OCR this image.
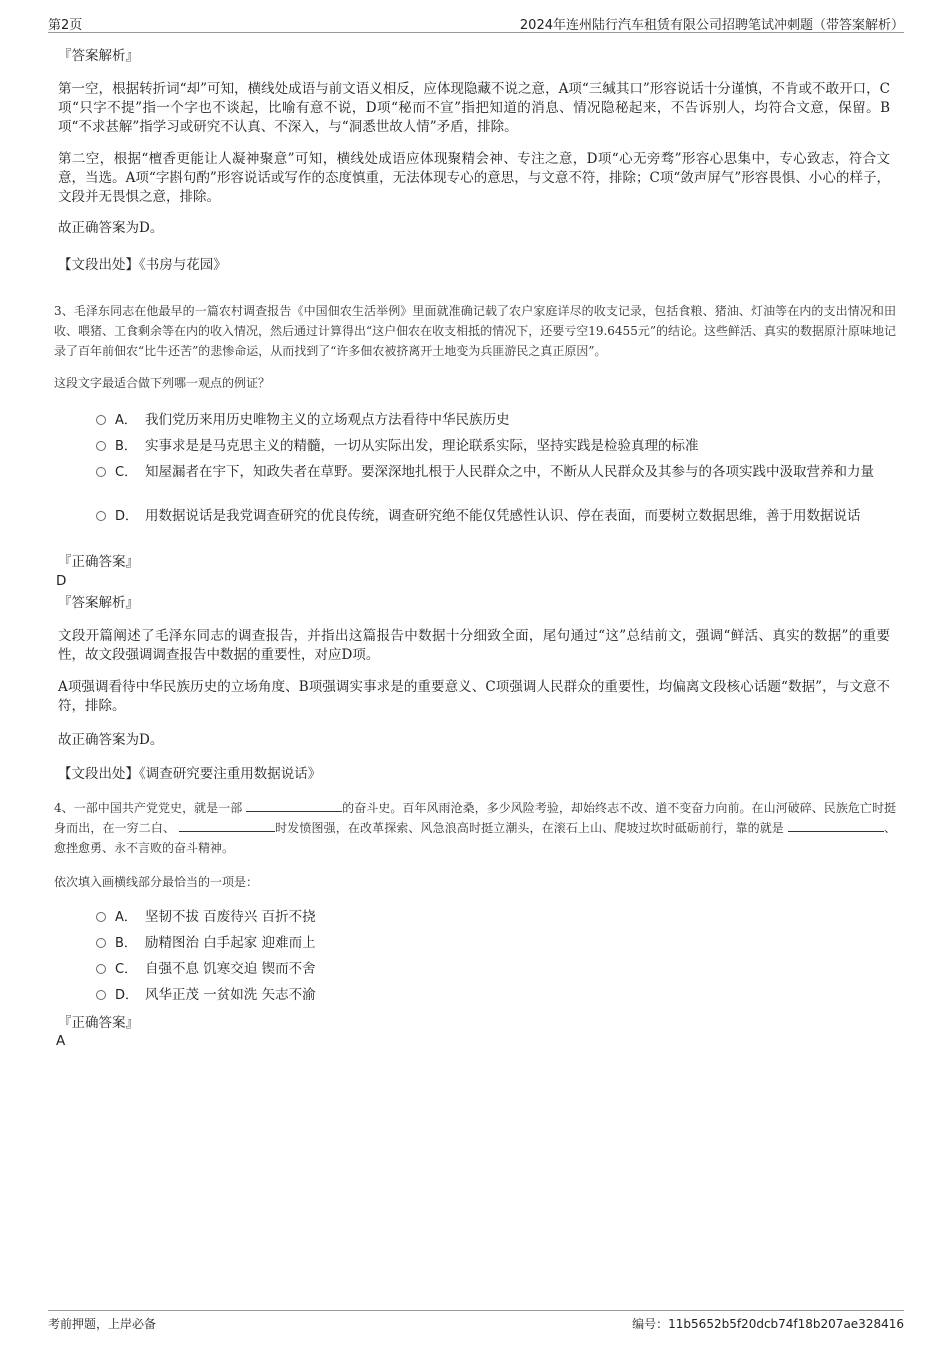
第2页	2024年连州陆行汽车租赁有限公司招聘笔试冲刺题（带答案解析）
『答案解析』
第一空，根据转折词“却”可知，横线处成语与前文语义相反，应体现隐藏不说之意，A项“三缄其口”形容说话十分谨慎，不肯或不敢开口，C项“只字不提”指一个字也不谈起，比喻有意不说，D项“秘而不宣”指把知道的消息、情况隐秘起来，不告诉别人，均符合文意，保留。B项“不求甚解”指学习或研究不认真、不深入，与“洞悉世故人情”矛盾，排除。
第二空，根据“檀香更能让人凝神聚意”可知，横线处成语应体现聚精会神、专注之意，D项“心无旁骛”形容心思集中，专心致志，符合文意，当选。A项“字斟句酌”形容说话或写作的态度慎重，无法体现专心的意思，与文意不符，排除；C项“敛声屏气”形容畏惧、小心的样子，文段并无畏惧之意，排除。
故正确答案为D。
【文段出处】《书房与花园》
3、毛泽东同志在他最早的一篇农村调查报告《中国佃农生活举例》里面就准确记载了农户家庭详尽的收支记录，包括食粮、猪油、灯油等在内的支出情况和田收、喂猪、工食剩余等在内的收入情况，然后通过计算得出“这户佃农在收支相抵的情况下，还要亏空19.6455元”的结论。这些鲜活、真实的数据原汁原味地记录了百年前佃农“比牛还苦”的悲惨命运，从而找到了“许多佃农被挤离开土地变为兵匪游民之真正原因”。
这段文字最适合做下列哪一观点的例证？
A． 我们党历来用历史唯物主义的立场观点方法看待中华民族历史
B． 实事求是是马克思主义的精髓，一切从实际出发，理论联系实际，坚持实践是检验真理的标准
C． 知屋漏者在宇下，知政失者在草野。要深深地扎根于人民群众之中，不断从人民群众及其参与的各项实践中汲取营养和力量
D． 用数据说话是我党调查研究的优良传统，调查研究绝不能仅凭感性认识、停在表面，而要树立数据思维，善于用数据说话
『正确答案』
D
『答案解析』
文段开篇阐述了毛泽东同志的调查报告，并指出这篇报告中数据十分细致全面，尾句通过“这”总结前文，强调“鲜活、真实的数据”的重要性，故文段强调调查报告中数据的重要性，对应D项。
A项强调看待中华民族历史的立场角度、B项强调实事求是的重要意义、C项强调人民群众的重要性，均偏离文段核心话题“数据”，与文意不符，排除。
故正确答案为D。
【文段出处】《调查研究要注重用数据说话》
4、一部中国共产党党史，就是一部	的奋斗史。百年风雨沧桑，多少风险考验，却始终志不改、道不变奋力向前。在山河破碎、民族危亡时挺身而出，在一穷二白、	时发愤图强，在改革探索、风急浪高时挺立潮头，在滚石上山、爬坡过坎时砥砺前行，靠的就是	、愈挫愈勇、永不言败的奋斗精神。
依次填入画横线部分最恰当的一项是：
A． 坚韧不拔 百废待兴 百折不挠
B． 励精图治 白手起家 迎难而上
C． 自强不息 饥寒交迫 锲而不舍
D． 风华正茂 一贫如洗 矢志不渝
『正确答案』
A
考前押题，上岸必备	编号：11b5652b5f20dcb74f18b207ae328416
